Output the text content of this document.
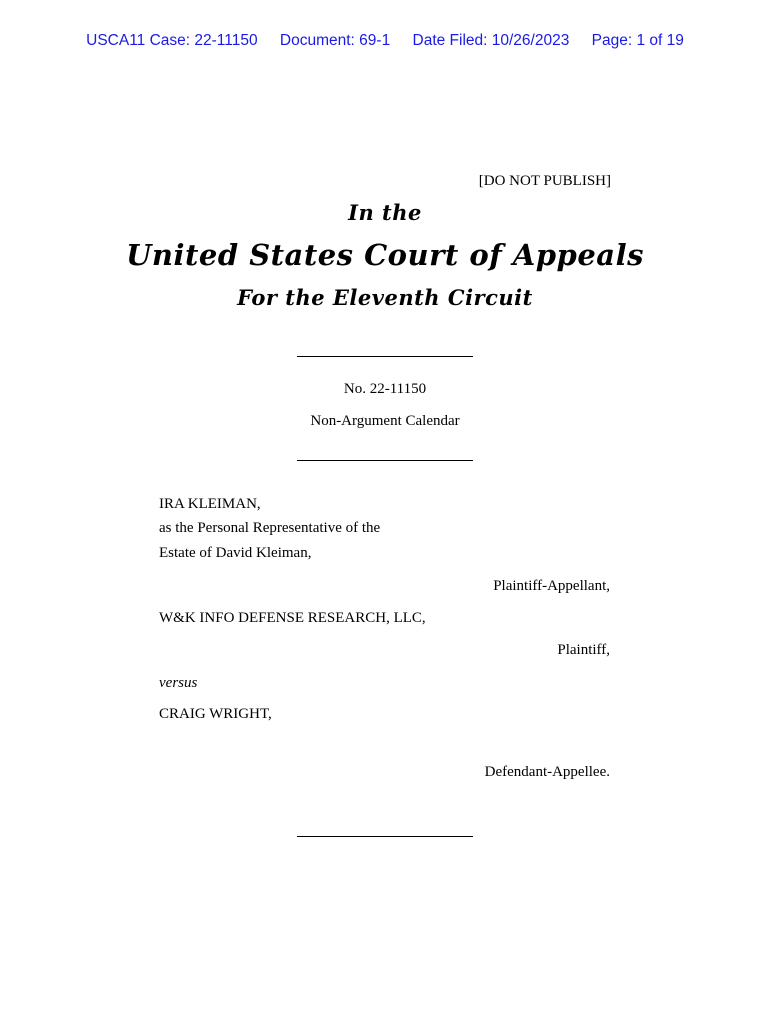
USCA11 Case: 22-11150 Document: 69-1 Date Filed: 10/26/2023 Page: 1 of 19
[DO NOT PUBLISH]
In the
United States Court of Appeals
For the Eleventh Circuit
No. 22-11150
Non-Argument Calendar
IRA KLEIMAN,
as the Personal Representative of the
Estate of David Kleiman,
Plaintiff-Appellant,
W&K INFO DEFENSE RESEARCH, LLC,
Plaintiff,
versus
CRAIG WRIGHT,
Defendant-Appellee.
